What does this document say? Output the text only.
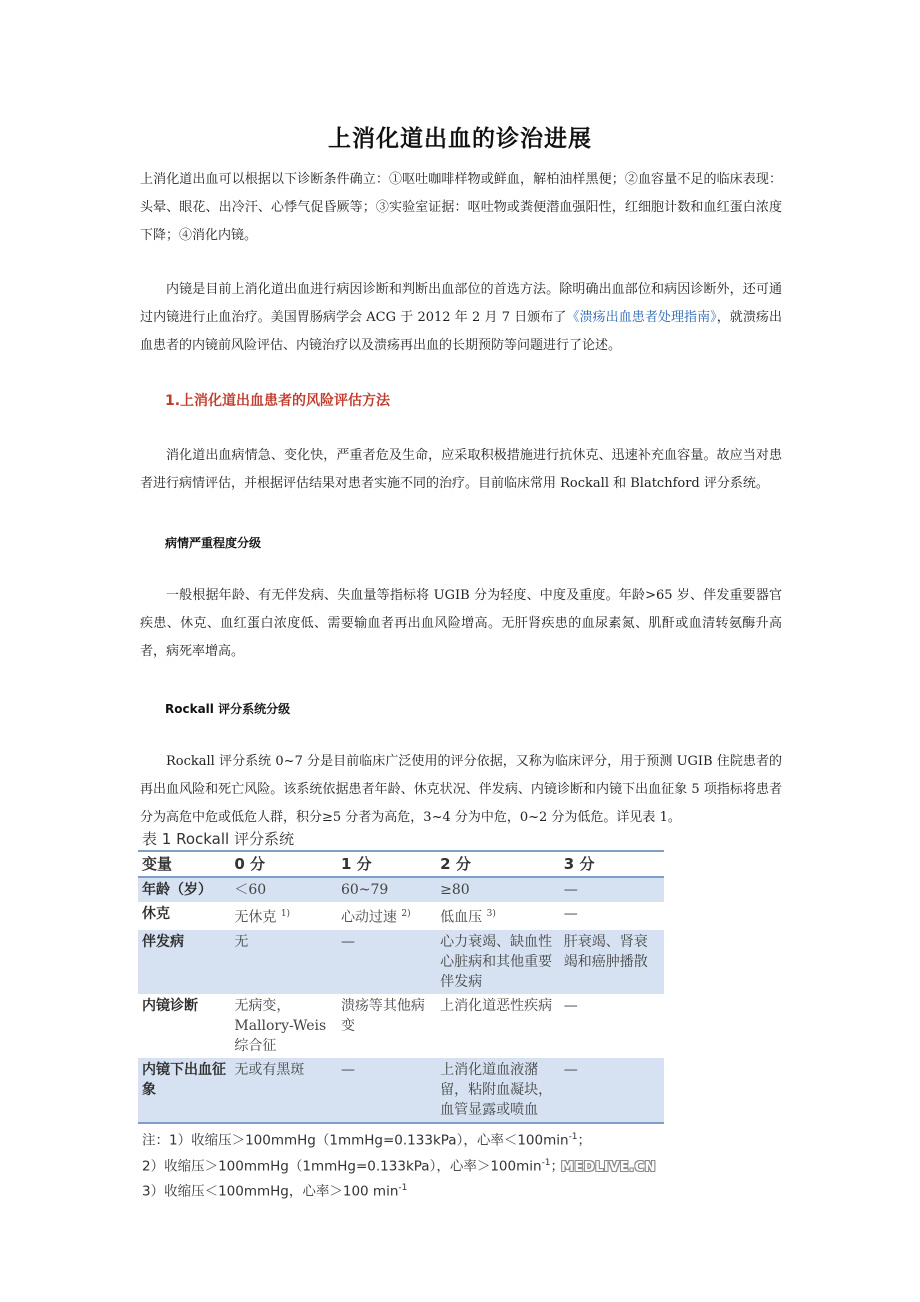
上消化道出血的诊治进展

上消化道出血可以根据以下诊断条件确立：①呕吐咖啡样物或鲜血，解柏油样黑便；②血容量不足的临床表现：头晕、眼花、出冷汗、心悸气促昏厥等；③实验室证据：呕吐物或粪便潜血强阳性，红细胞计数和血红蛋白浓度下降；④消化内镜。

内镜是目前上消化道出血进行病因诊断和判断出血部位的首选方法。除明确出血部位和病因诊断外，还可通过内镜进行止血治疗。美国胃肠病学会 ACG 于 2012 年 2 月 7 日颁布了《溃疡出血患者处理指南》，就溃疡出血患者的内镜前风险评估、内镜治疗以及溃疡再出血的长期预防等问题进行了论述。

1.上消化道出血患者的风险评估方法

消化道出血病情急、变化快，严重者危及生命，应采取积极措施进行抗休克、迅速补充血容量。故应当对患者进行病情评估，并根据评估结果对患者实施不同的治疗。目前临床常用 Rockall 和 Blatchford 评分系统。

病情严重程度分级

一般根据年龄、有无伴发病、失血量等指标将 UGIB 分为轻度、中度及重度。年龄>65 岁、伴发重要器官疾患、休克、血红蛋白浓度低、需要输血者再出血风险增高。无肝肾疾患的血尿素氮、肌酐或血清转氨酶升高者，病死率增高。

Rockall 评分系统分级

Rockall 评分系统 0~7 分是目前临床广泛使用的评分依据，又称为临床评分，用于预测 UGIB 住院患者的再出血风险和死亡风险。该系统依据患者年龄、休克状况、伴发病、内镜诊断和内镜下出血征象 5 项指标将患者分为高危中危或低危人群，积分≥5 分者为高危，3~4 分为中危，0~2 分为低危。详见表 1。

表 1 Rockall 评分系统
变量	0 分	1 分	2 分	3 分
年龄（岁）	＜60	60~79	≥80	—
休克	无休克 $^{1)}$	心动过速 $^{2)}$	低血压 $^{3)}$	—
伴发病	无	—	心力衰竭、缺血性心脏病和其他重要伴发病	肝衰竭、肾衰竭和癌肿播散
内镜诊断	无病变，Mallory-Weis 综合征	溃疡等其他病变	上消化道恶性疾病	—
内镜下出血征象	无或有黑斑	—	上消化道血液潴留，粘附血凝块，血管显露或喷血	—
注：1）收缩压＞100mmHg（1mmHg=0.133kPa），心率$<100\min^{-1}$；
2）收缩压＞100mmHg（1mmHg=0.133kPa），心率$>100\min^{-1}$；
3）收缩压＜100mmHg，心率＞100 $\min^{-1}$
MEDLIVE.CN
